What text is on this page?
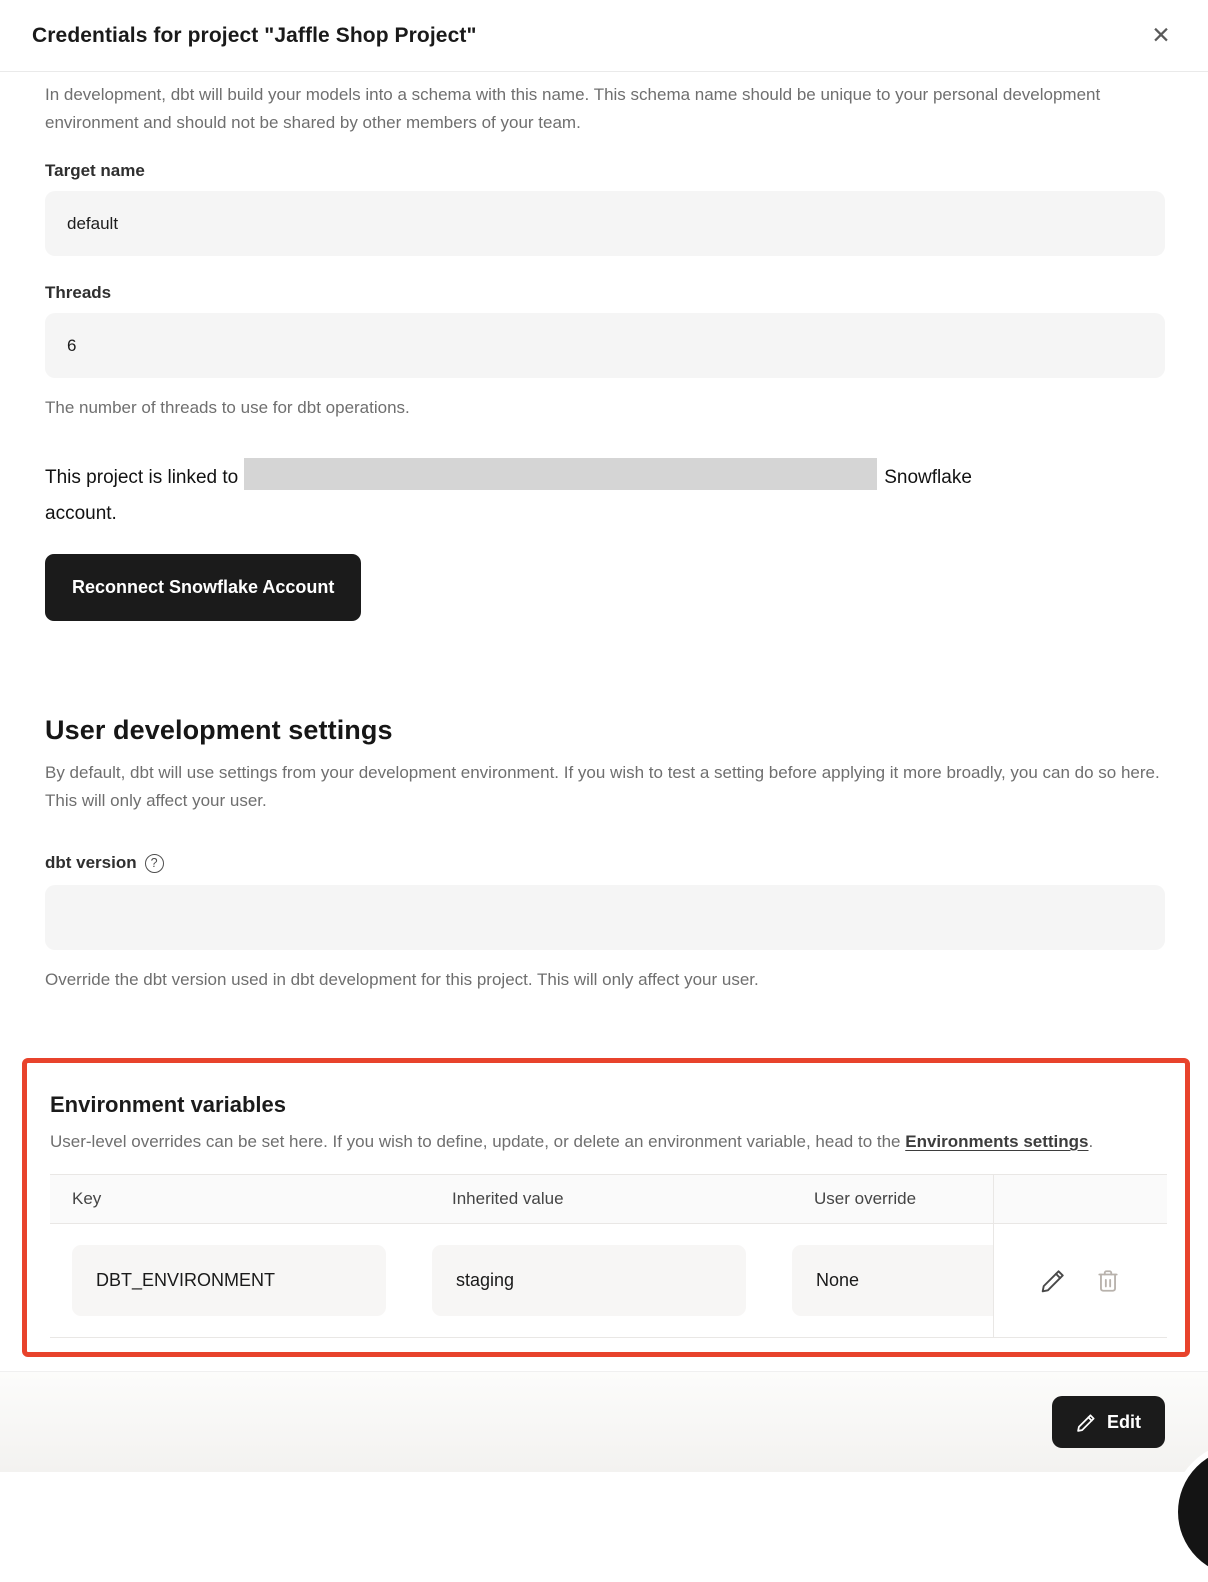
Credentials for project "Jaffle Shop Project"	✕

In development, dbt will build your models into a schema with this name. This schema name should be unique to your personal development environment and should not be shared by other members of your team.

Target name
default
Threads
6

The number of threads to use for dbt operations.

This project is linked to	Snowflake
account.

Reconnect Snowflake Account
User development settings

By default, dbt will use settings from your development environment. If you wish to test a setting before applying it more broadly, you can do so here. This will only affect your user.

dbt version	?

Override the dbt version used in dbt development for this project. This will only affect your user.

Environment variables

User-level overrides can be set here. If you wish to define, update, or delete an environment variable, head to the Environments settings.

Key	Inherited value	User override
DBT_ENVIRONMENT	staging	None
Edit
